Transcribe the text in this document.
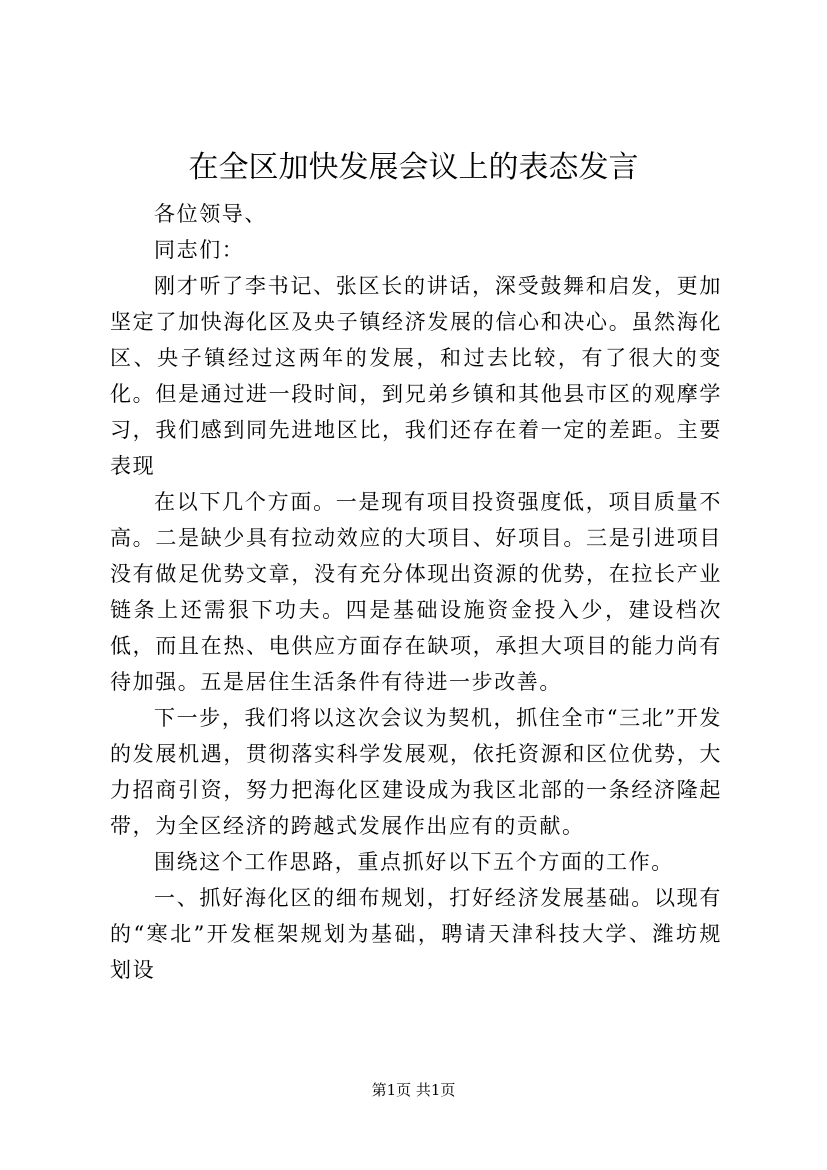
在全区加快发展会议上的表态发言

各位领导、

同志们：

刚才听了李书记、张区长的讲话，深受鼓舞和启发，更加坚定了加快海化区及央子镇经济发展的信心和决心。虽然海化区、央子镇经过这两年的发展，和过去比较，有了很大的变化。但是通过进一段时间，到兄弟乡镇和其他县市区的观摩学习，我们感到同先进地区比，我们还存在着一定的差距。主要表现

在以下几个方面。一是现有项目投资强度低，项目质量不高。二是缺少具有拉动效应的大项目、好项目。三是引进项目没有做足优势文章，没有充分体现出资源的优势，在拉长产业链条上还需狠下功夫。四是基础设施资金投入少，建设档次低，而且在热、电供应方面存在缺项，承担大项目的能力尚有待加强。五是居住生活条件有待进一步改善。

下一步，我们将以这次会议为契机，抓住全市“三北”开发的发展机遇，贯彻落实科学发展观，依托资源和区位优势，大力招商引资，努力把海化区建设成为我区北部的一条经济隆起带，为全区经济的跨越式发展作出应有的贡献。

围绕这个工作思路，重点抓好以下五个方面的工作。

一、抓好海化区的细布规划，打好经济发展基础。以现有的“寒北”开发框架规划为基础，聘请天津科技大学、潍坊规划设

第1页 共1页
